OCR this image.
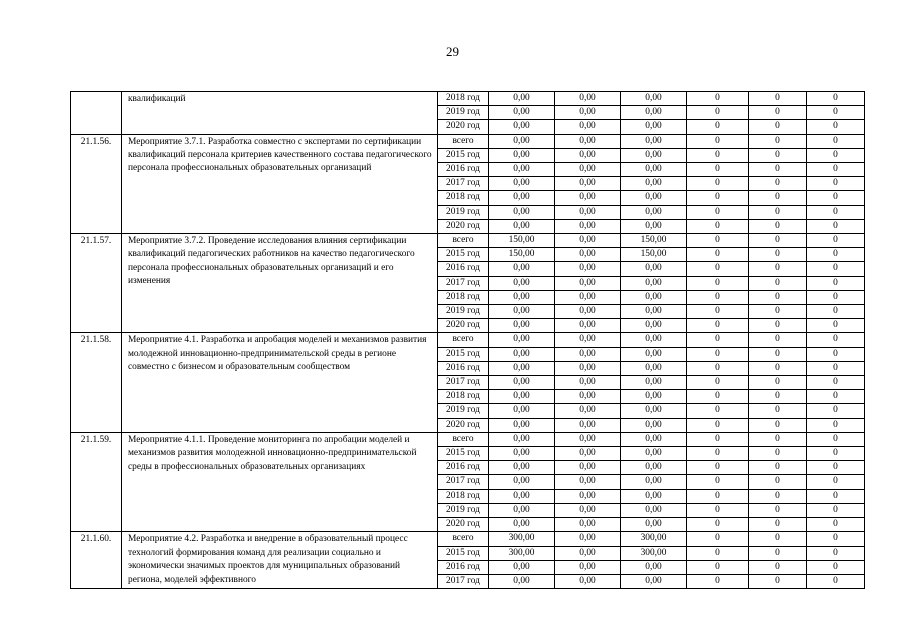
29
	квалификаций	2018 год	0,00	0,00	0,00	0	0	0
		2019 год	0,00	0,00	0,00	0	0	0
		2020 год	0,00	0,00	0,00	0	0	0
21.1.56.	Мероприятие 3.7.1. Разработка совместно с экспертами по сертификации квалификаций персонала критериев качественного состава педагогического персонала профессиональных образовательных организаций	всего	0,00	0,00	0,00	0	0	0
		2015 год	0,00	0,00	0,00	0	0	0
		2016 год	0,00	0,00	0,00	0	0	0
		2017 год	0,00	0,00	0,00	0	0	0
		2018 год	0,00	0,00	0,00	0	0	0
		2019 год	0,00	0,00	0,00	0	0	0
		2020 год	0,00	0,00	0,00	0	0	0
21.1.57.	Мероприятие 3.7.2. Проведение исследования влияния сертификации квалификаций педагогических работников на качество педагогического персонала профессиональных образовательных организаций и его изменения	всего	150,00	0,00	150,00	0	0	0
		2015 год	150,00	0,00	150,00	0	0	0
		2016 год	0,00	0,00	0,00	0	0	0
		2017 год	0,00	0,00	0,00	0	0	0
		2018 год	0,00	0,00	0,00	0	0	0
		2019 год	0,00	0,00	0,00	0	0	0
		2020 год	0,00	0,00	0,00	0	0	0
21.1.58.	Мероприятие 4.1. Разработка и апробация моделей и механизмов развития молодежной инновационно-предпринимательской среды в регионе совместно с бизнесом и образовательным сообществом	всего	0,00	0,00	0,00	0	0	0
		2015 год	0,00	0,00	0,00	0	0	0
		2016 год	0,00	0,00	0,00	0	0	0
		2017 год	0,00	0,00	0,00	0	0	0
		2018 год	0,00	0,00	0,00	0	0	0
		2019 год	0,00	0,00	0,00	0	0	0
		2020 год	0,00	0,00	0,00	0	0	0
21.1.59.	Мероприятие 4.1.1. Проведение мониторинга по апробации моделей и механизмов развития молодежной инновационно-предпринимательской среды в профессиональных образовательных организациях	всего	0,00	0,00	0,00	0	0	0
		2015 год	0,00	0,00	0,00	0	0	0
		2016 год	0,00	0,00	0,00	0	0	0
		2017 год	0,00	0,00	0,00	0	0	0
		2018 год	0,00	0,00	0,00	0	0	0
		2019 год	0,00	0,00	0,00	0	0	0
		2020 год	0,00	0,00	0,00	0	0	0
21.1.60.	Мероприятие 4.2. Разработка и внедрение в образовательный процесс технологий формирования команд для реализации социально и экономически значимых проектов для муниципальных образований региона, моделей эффективного	всего	300,00	0,00	300,00	0	0	0
		2015 год	300,00	0,00	300,00	0	0	0
		2016 год	0,00	0,00	0,00	0	0	0
		2017 год	0,00	0,00	0,00	0	0	0
